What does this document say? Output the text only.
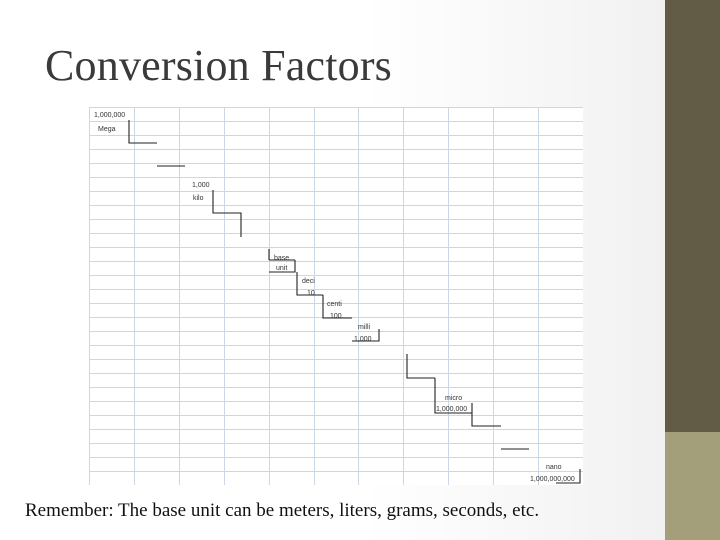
Conversion Factors
1,000,000
Mega
1,000
kilo
base
unit
deci
10
centi
100
milli
1,000
micro
1,000,000
nano
1,000,000,000
Remember: The base unit can be meters, liters, grams, seconds, etc.
